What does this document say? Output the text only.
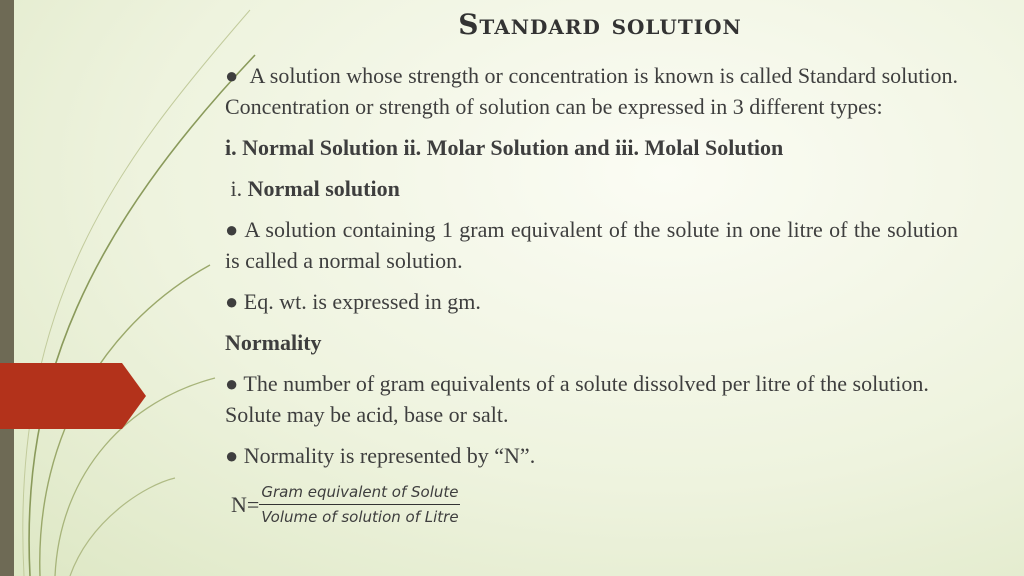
Standard solution

● A solution whose strength or concentration is known is called Standard solution. Concentration or strength of solution can be expressed in 3 different types:

i. Normal Solution ii. Molar Solution and iii. Molal Solution

i. Normal solution

● A solution containing 1 gram equivalent of the solute in one litre of the solution is called a normal solution.

● Eq. wt. is expressed in gm.

Normality

● The number of gram equivalents of a solute dissolved per litre of the solution. Solute may be acid, base or salt.

● Normality is represented by “N”.

$N= \frac{\text{Gram equivalent of Solute}}{\text{Volume of solution of Litre}}$
